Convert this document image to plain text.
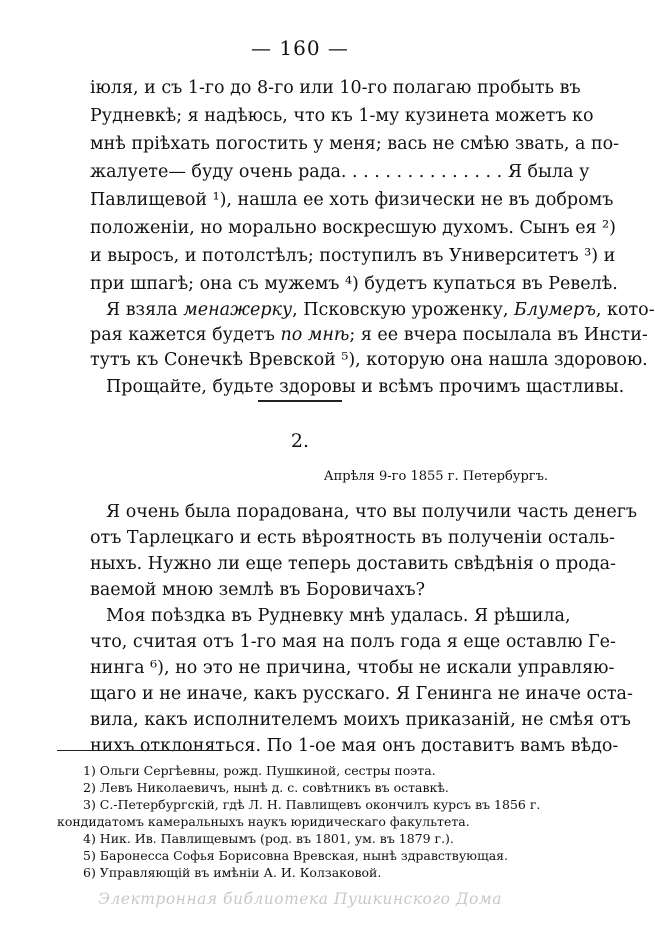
— 160 —
іюля, и съ 1-го до 8-го или 10-го полагаю пробыть въ
Рудневкѣ; я надѣюсь, что къ 1-му кузинета можетъ ко
мнѣ пріѣхать погостить у меня; вась не смѣю звать, а по-
жалуете— буду очень рада. . . . . . . . . . . . . . . Я была у
Павлищевой ¹), нашла ее хоть физически не въ добромъ
положеніи, но морально воскресшую духомъ. Сынъ ея ²)
и выросъ, и потолстѣлъ; поступилъ въ Университетъ ³) и
при шпагѣ; она съ мужемъ ⁴) будетъ купаться въ Ревелѣ.
Я взяла менажерку, Псковскую уроженку, Блумеръ, кото-
рая кажется будетъ по мнѣ; я ее вчера посылала въ Инсти-
тутъ къ Сонечкѣ Вревской ⁵), которую она нашла здоровою.
Прощайте, будьте здоровы и всѣмъ прочимъ щастливы.
2.
Апрѣля 9-го 1855 г. Петербургъ.
Я очень была порадована, что вы получили часть денегъ
отъ Тарлецкаго и есть вѣроятность въ полученіи осталь-
ныхъ. Нужно ли еще теперь доставить свѣдѣнія о прода-
ваемой мною землѣ въ Боровичахъ?
Моя поѣздка въ Рудневку мнѣ удалась. Я рѣшила,
что, считая отъ 1-го мая на полъ года я еще оставлю Ге-
нинга ⁶), но это не причина, чтобы не искали управляю-
щаго и не иначе, какъ русскаго. Я Генинга не иначе оста-
вила, какъ исполнителемъ моихъ приказаній, не смѣя отъ
нихъ отклоняться. По 1-ое мая онъ доставитъ вамъ вѣдо-
1) Ольги Сергѣевны, рожд. Пушкиной, сестры поэта.
2) Левъ Николаевичъ, нынѣ д. с. совѣтникъ въ оставкѣ.
3) С.-Петербургскій, гдѣ Л. Н. Павлищевъ окончилъ курсъ въ 1856 г.
кондидатомъ камеральныхъ наукъ юридическаго факультета.
4) Ник. Ив. Павлищевымъ (род. въ 1801, ум. въ 1879 г.).
5) Баронесса Софья Борисовна Вревская, нынѣ здравствующая.
6) Управляющій въ имѣніи А. И. Колзаковой.
Электронная библиотека Пушкинского Дома
